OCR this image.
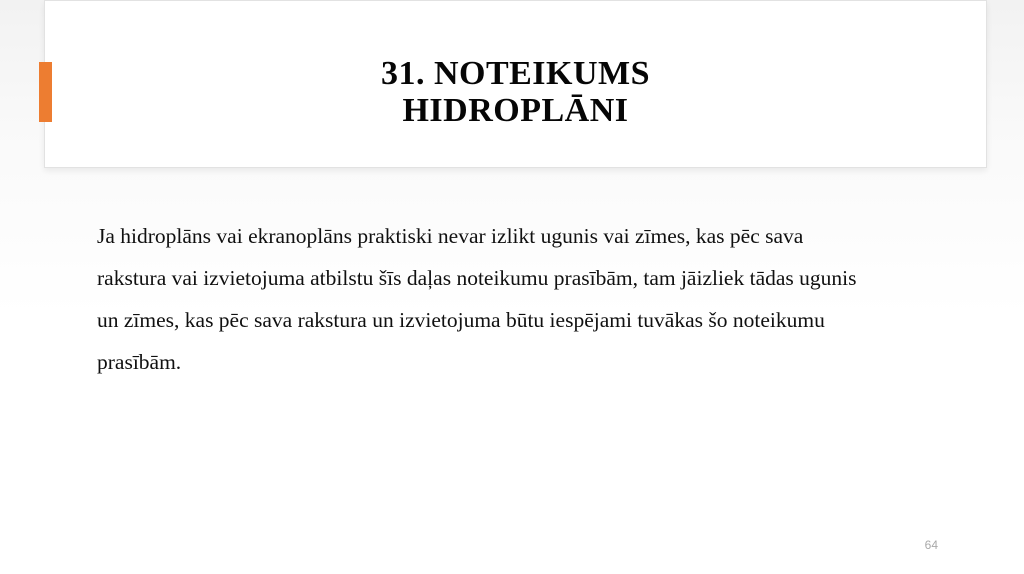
31. NOTEIKUMS
HIDROPLĀNI
Ja hidroplāns vai ekranoplāns praktiski nevar izlikt ugunis vai zīmes, kas pēc sava
rakstura vai izvietojuma atbilstu šīs daļas noteikumu prasībām, tam jāizliek tādas ugunis
un zīmes, kas pēc sava rakstura un izvietojuma būtu iespējami tuvākas šo noteikumu
prasībām.
64
